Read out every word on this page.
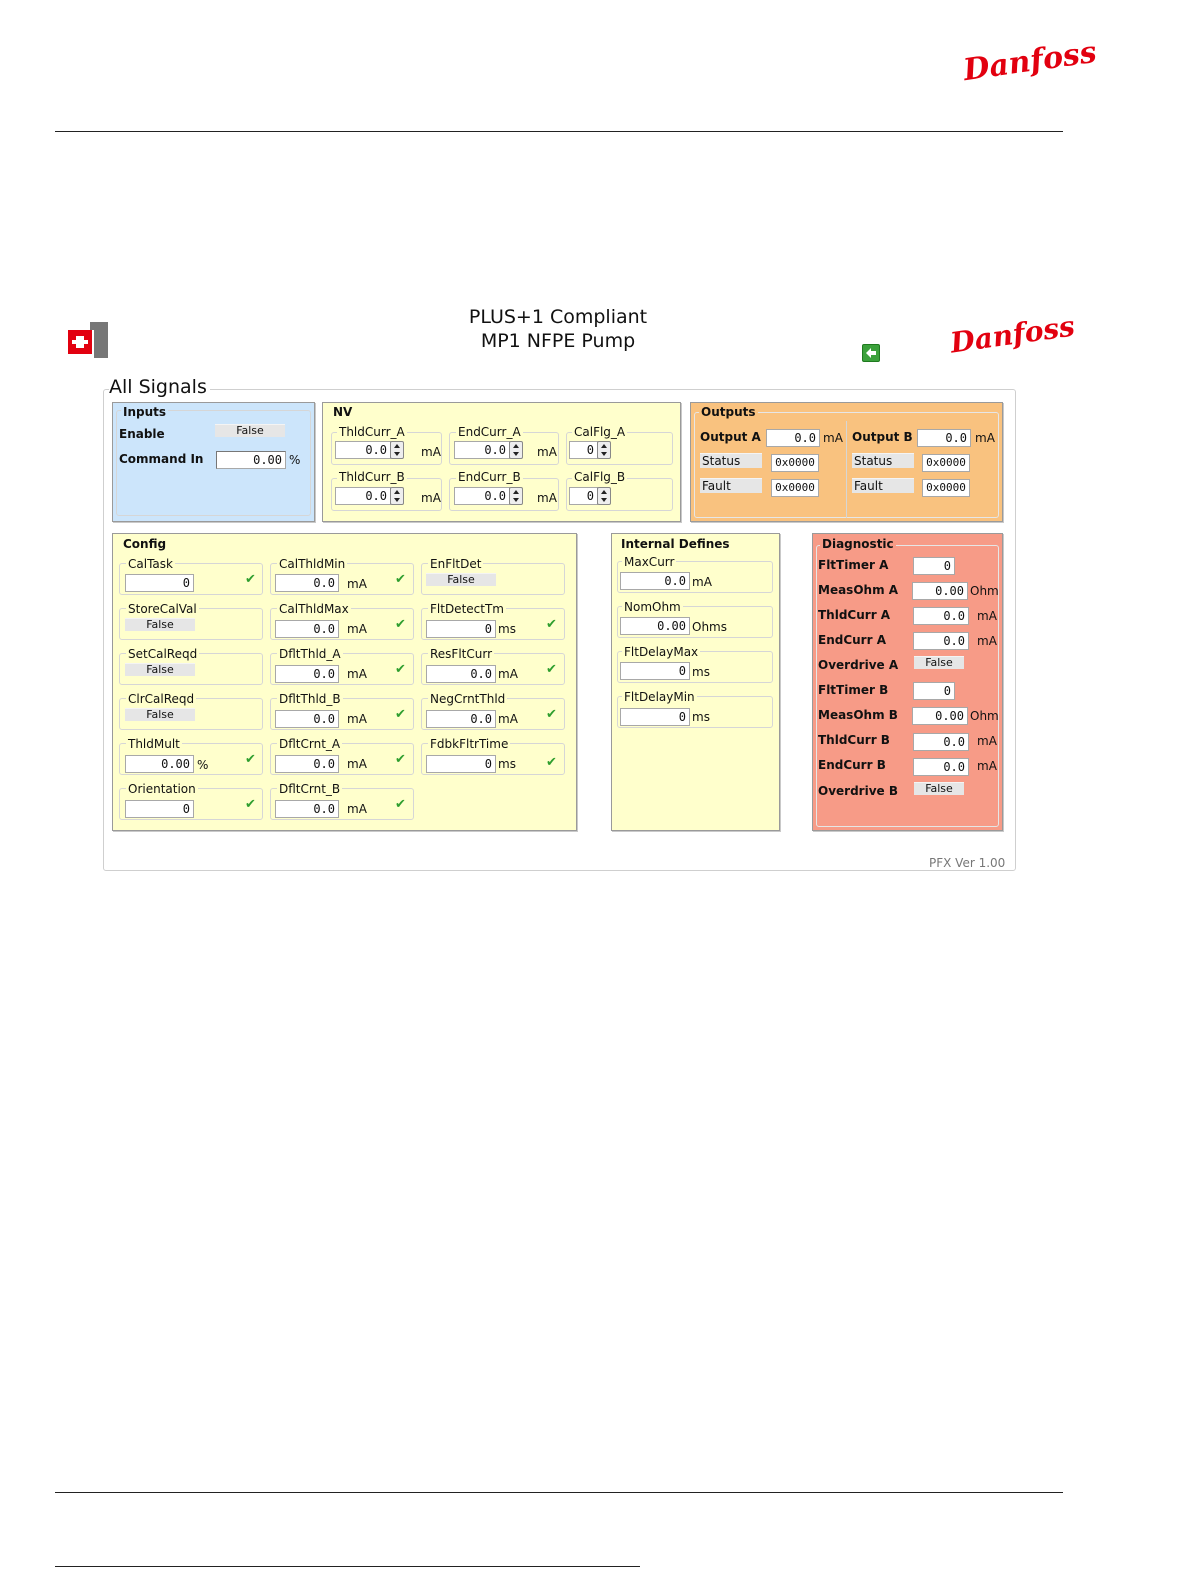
Danfoss
PLUS+1 Compliant
MP1 NFPE Pump	Danfoss
All Signals
PFX Ver 1.00
Inputs
Enable	False
Command In	0.00 %
NV
ThldCurr_A
0.0	mA
EndCurr_A
0.0	mA
CalFlg_A
0
ThldCurr_B
0.0	mA
EndCurr_B
0.0	mA
CalFlg_B
0
Outputs
Output A	0.0 mA
Status	0x0000
Fault	0x0000
Output B	0.0 mA
Status	0x0000
Fault	0x0000
Config
CalTask
0	✔
StoreCalVal
False
SetCalReqd
False
ClrCalReqd
False
ThldMult
0.00 %	✔
Orientation
0	✔
CalThldMin
0.0	mA ✔
CalThldMax
0.0	mA ✔
DfltThld_A
0.0	mA ✔
DfltThld_B
0.0	mA ✔
DfltCrnt_A
0.0	mA ✔
DfltCrnt_B
0.0	mA ✔
EnFltDet
False
FltDetectTm
0 ms ✔
ResFltCurr
0.0 mA ✔
NegCrntThld
0.0 mA ✔
FdbkFltrTime
0 ms ✔
Internal Defines
MaxCurr
0.0 mA
NomOhm
0.00 Ohms
FltDelayMax
0 ms
FltDelayMin
0 ms
Diagnostic
FltTimer A	0
MeasOhm A	0.00 Ohm
ThldCurr A	0.0	mA
EndCurr A	0.0	mA
Overdrive A	False
FltTimer B	0
MeasOhm B	0.00 Ohm
ThldCurr B	0.0	mA
EndCurr B	0.0	mA
Overdrive B	False
